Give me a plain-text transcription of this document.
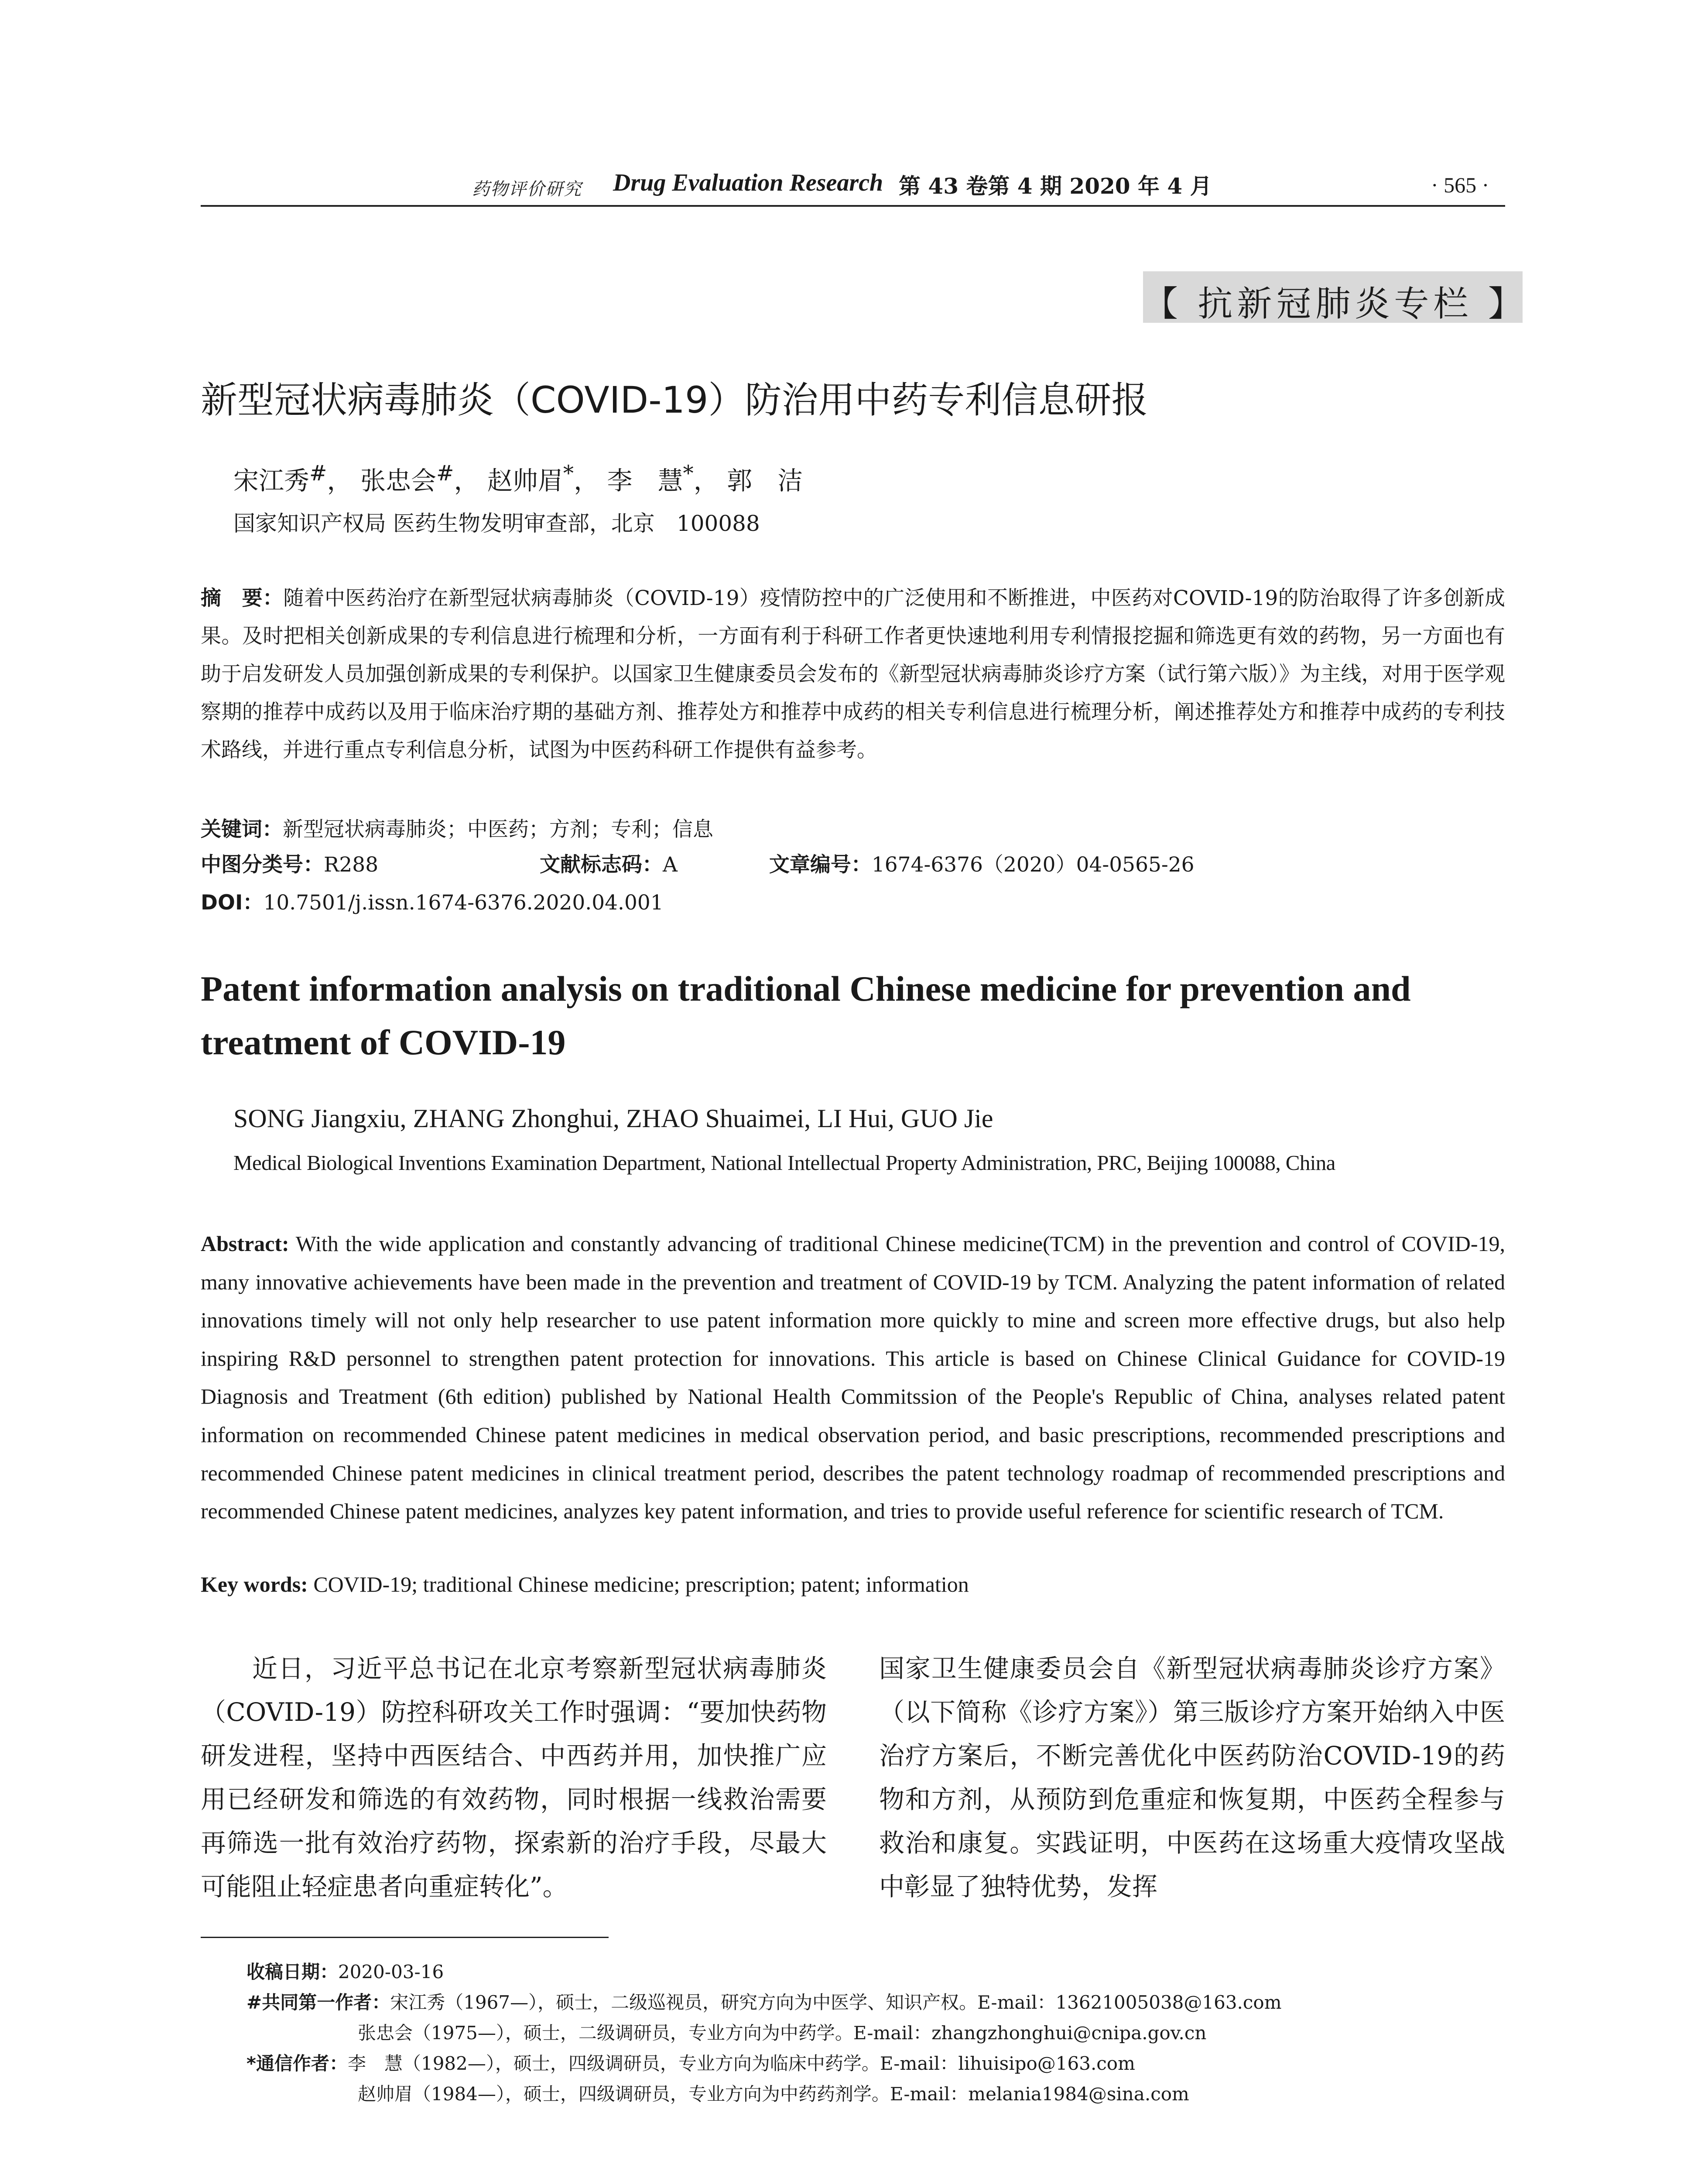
药物评价研究 Drug Evaluation Research 第 43 卷第 4 期 2020 年 4 月	· 565 ·
【 抗新冠肺炎专栏 】
新型冠状病毒肺炎（COVID-19）防治用中药专利信息研报
宋江秀#， 张忠会#， 赵帅眉*， 李　慧*， 郭　洁
国家知识产权局 医药生物发明审查部，北京　100088
摘　要：随着中医药治疗在新型冠状病毒肺炎（COVID-19）疫情防控中的广泛使用和不断推进，中医药对COVID-19的防治取得了许多创新成果。及时把相关创新成果的专利信息进行梳理和分析，一方面有利于科研工作者更快速地利用专利情报挖掘和筛选更有效的药物，另一方面也有助于启发研发人员加强创新成果的专利保护。以国家卫生健康委员会发布的《新型冠状病毒肺炎诊疗方案（试行第六版）》为主线，对用于医学观察期的推荐中成药以及用于临床治疗期的基础方剂、推荐处方和推荐中成药的相关专利信息进行梳理分析，阐述推荐处方和推荐中成药的专利技术路线，并进行重点专利信息分析，试图为中医药科研工作提供有益参考。
关键词：新型冠状病毒肺炎；中医药；方剂；专利；信息
中图分类号：R288	文献标志码：A	文章编号：1674-6376（2020）04-0565-26
DOI：10.7501/j.issn.1674-6376.2020.04.001
Patent information analysis on traditional Chinese medicine for prevention and treatment of COVID-19
SONG Jiangxiu, ZHANG Zhonghui, ZHAO Shuaimei, LI Hui, GUO Jie
Medical Biological Inventions Examination Department, National Intellectual Property Administration, PRC, Beijing 100088, China
Abstract: With the wide application and constantly advancing of traditional Chinese medicine(TCM) in the prevention and control of COVID-19, many innovative achievements have been made in the prevention and treatment of COVID-19 by TCM. Analyzing the patent information of related innovations timely will not only help researcher to use patent information more quickly to mine and screen more effective drugs, but also help inspiring R&D personnel to strengthen patent protection for innovations. This article is based on Chinese Clinical Guidance for COVID-19 Diagnosis and Treatment (6th edition) published by National Health Commitssion of the People's Republic of China, analyses related patent information on recommended Chinese patent medicines in medical observation period, and basic prescriptions, recommended prescriptions and recommended Chinese patent medicines in clinical treatment period, describes the patent technology roadmap of recommended prescriptions and recommended Chinese patent medicines, analyzes key patent information, and tries to provide useful reference for scientific research of TCM.
Key words: COVID-19; traditional Chinese medicine; prescription; patent; information
近日，习近平总书记在北京考察新型冠状病毒肺炎（COVID-19）防控科研攻关工作时强调：“要加快药物研发进程，坚持中西医结合、中西药并用，加快推广应用已经研发和筛选的有效药物，同时根据一线救治需要再筛选一批有效治疗药物，探索新的治疗手段，尽最大可能阻止轻症患者向重症转化”。
国家卫生健康委员会自《新型冠状病毒肺炎诊疗方案》（以下简称《诊疗方案》）第三版诊疗方案开始纳入中医治疗方案后，不断完善优化中医药防治COVID-19的药物和方剂，从预防到危重症和恢复期，中医药全程参与救治和康复。实践证明，中医药在这场重大疫情攻坚战中彰显了独特优势，发挥
收稿日期：2020-03-16
#共同第一作者：宋江秀（1967—），硕士，二级巡视员，研究方向为中医学、知识产权。E-mail：13621005038@163.com
张忠会（1975—），硕士，二级调研员，专业方向为中药学。E-mail：zhangzhonghui@cnipa.gov.cn
*通信作者：李　慧（1982—），硕士，四级调研员，专业方向为临床中药学。E-mail：lihuisipo@163.com
赵帅眉（1984—），硕士，四级调研员，专业方向为中药药剂学。E-mail：melania1984@sina.com
